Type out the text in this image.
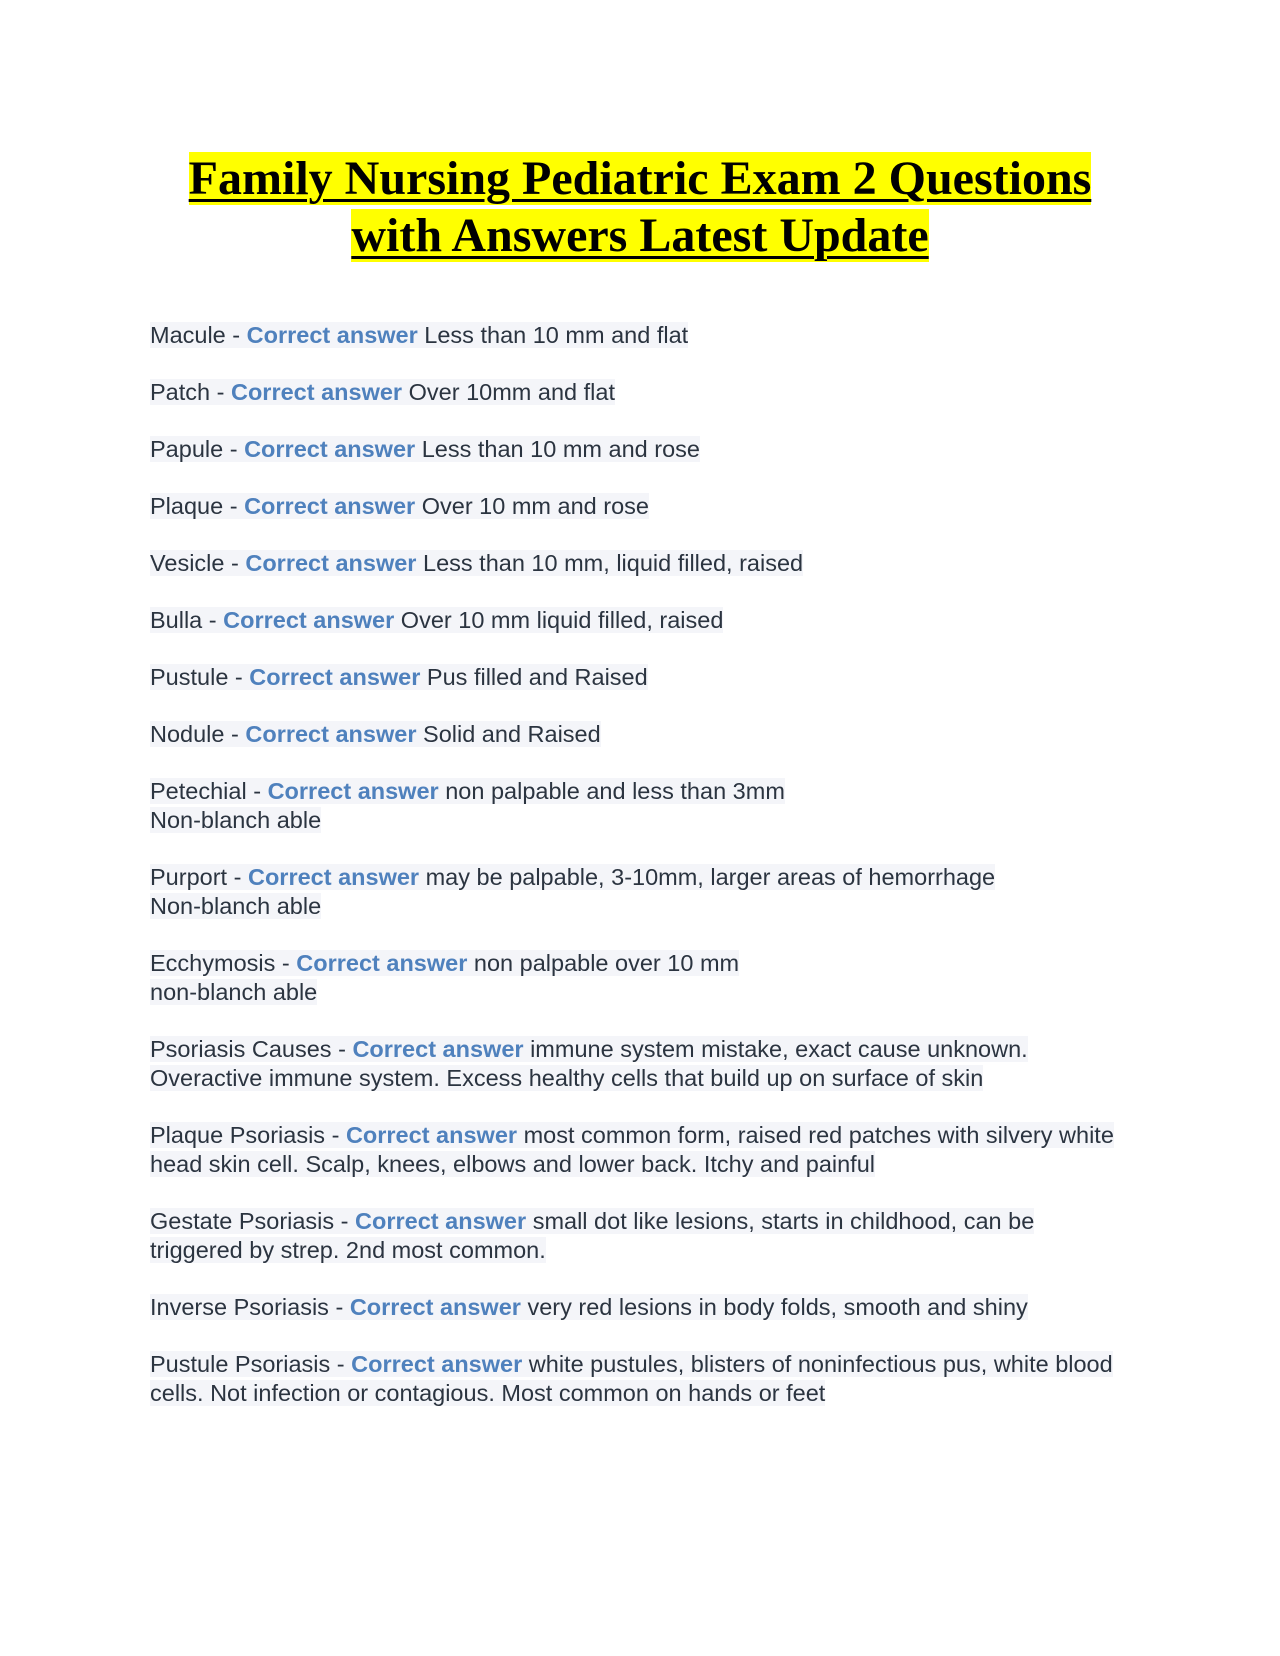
Family Nursing Pediatric Exam 2 Questions
with Answers Latest Update
Macule - Correct answer Less than 10 mm and flat
Patch - Correct answer Over 10mm and flat
Papule - Correct answer Less than 10 mm and rose
Plaque - Correct answer Over 10 mm and rose
Vesicle - Correct answer Less than 10 mm, liquid filled, raised
Bulla - Correct answer Over 10 mm liquid filled, raised
Pustule - Correct answer Pus filled and Raised
Nodule - Correct answer Solid and Raised
Petechial - Correct answer non palpable and less than 3mm
Non-blanch able
Purport - Correct answer may be palpable, 3-10mm, larger areas of hemorrhage
Non-blanch able
Ecchymosis - Correct answer non palpable over 10 mm
non-blanch able
Psoriasis Causes - Correct answer immune system mistake, exact cause unknown. Overactive immune system. Excess healthy cells that build up on surface of skin
Plaque Psoriasis - Correct answer most common form, raised red patches with silvery white head skin cell. Scalp, knees, elbows and lower back. Itchy and painful
Gestate Psoriasis - Correct answer small dot like lesions, starts in childhood, can be triggered by strep. 2nd most common.
Inverse Psoriasis - Correct answer very red lesions in body folds, smooth and shiny
Pustule Psoriasis - Correct answer white pustules, blisters of noninfectious pus, white blood cells. Not infection or contagious. Most common on hands or feet
